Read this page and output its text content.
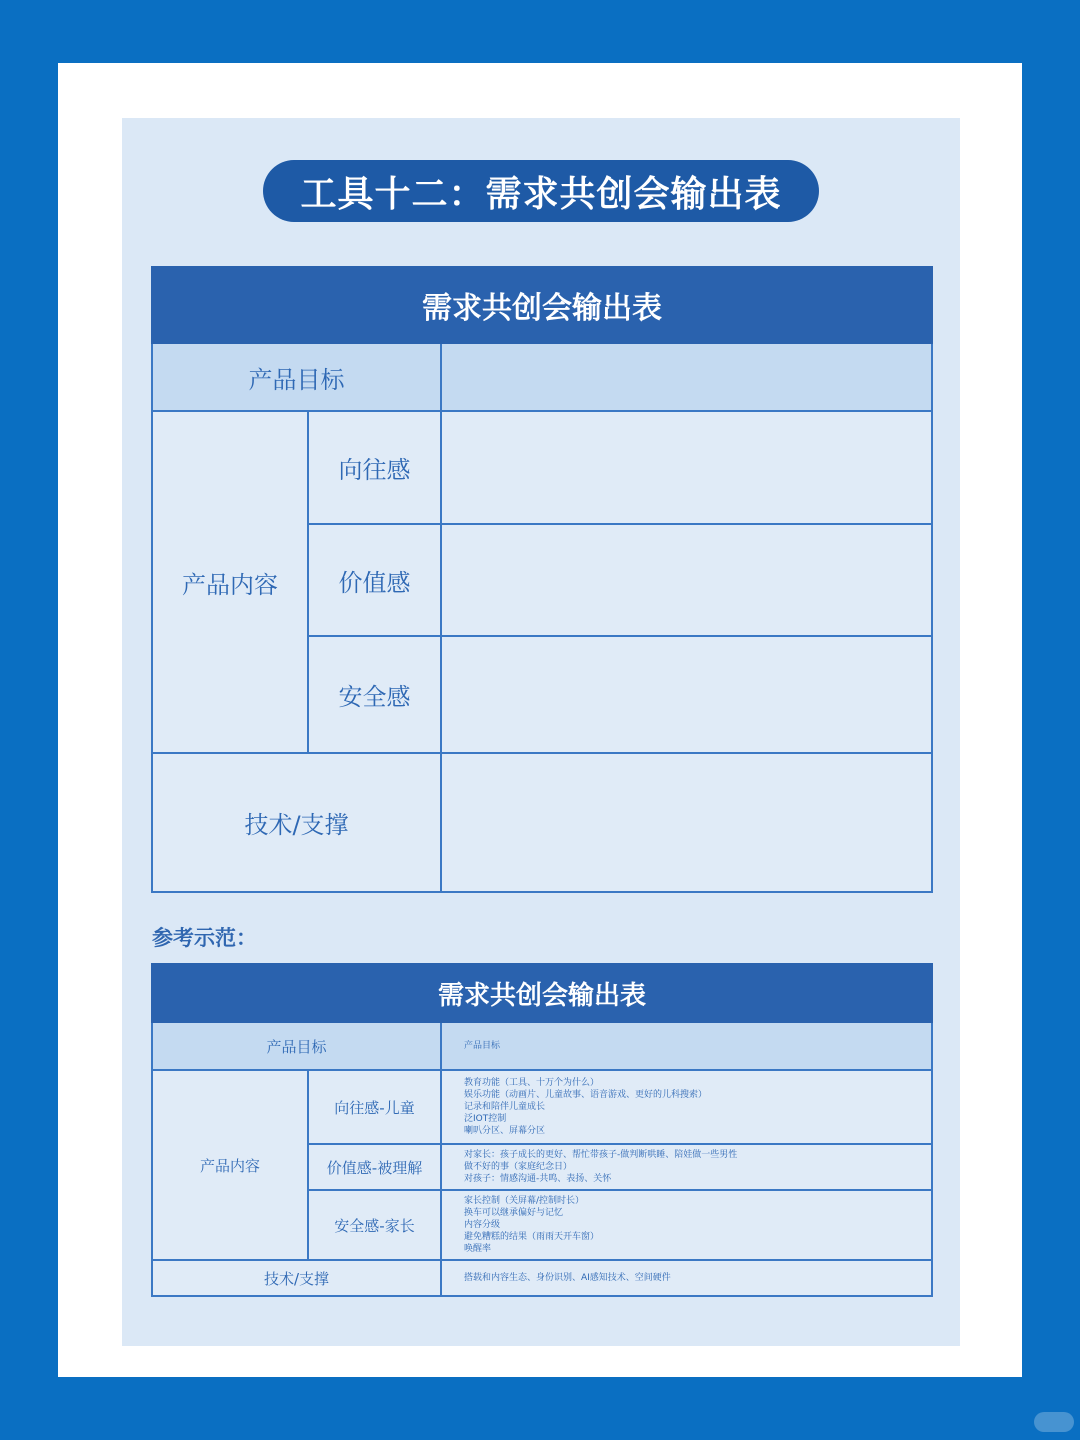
工具十二：需求共创会输出表
需求共创会输出表		
产品目标		
产品内容	向往感	
	价值感	
	安全感	
技术/支撑		
参考示范：
需求共创会输出表		
产品目标		产品目标

产品内容	向往感-儿童	教育功能（工具、十万个为什么）
娱乐功能（动画片、儿童故事、语音游戏、更好的儿科搜索）
记录和陪伴儿童成长
泛IOT控制
喇叭分区、屏幕分区

	价值感-被理解	对家长：孩子成长的更好、帮忙带孩子-做判断哄睡、陪娃做一些男性
做不好的事（家庭纪念日）
对孩子：情感沟通-共鸣、表扬、关怀

	安全感-家长	家长控制（关屏幕/控制时长）
换车可以继承偏好与记忆
内容分级
避免糟糕的结果（雨雨天开车窗）
唤醒率

技术/支撑		搭载和内容生态、身份识别、AI感知技术、空间硬件
